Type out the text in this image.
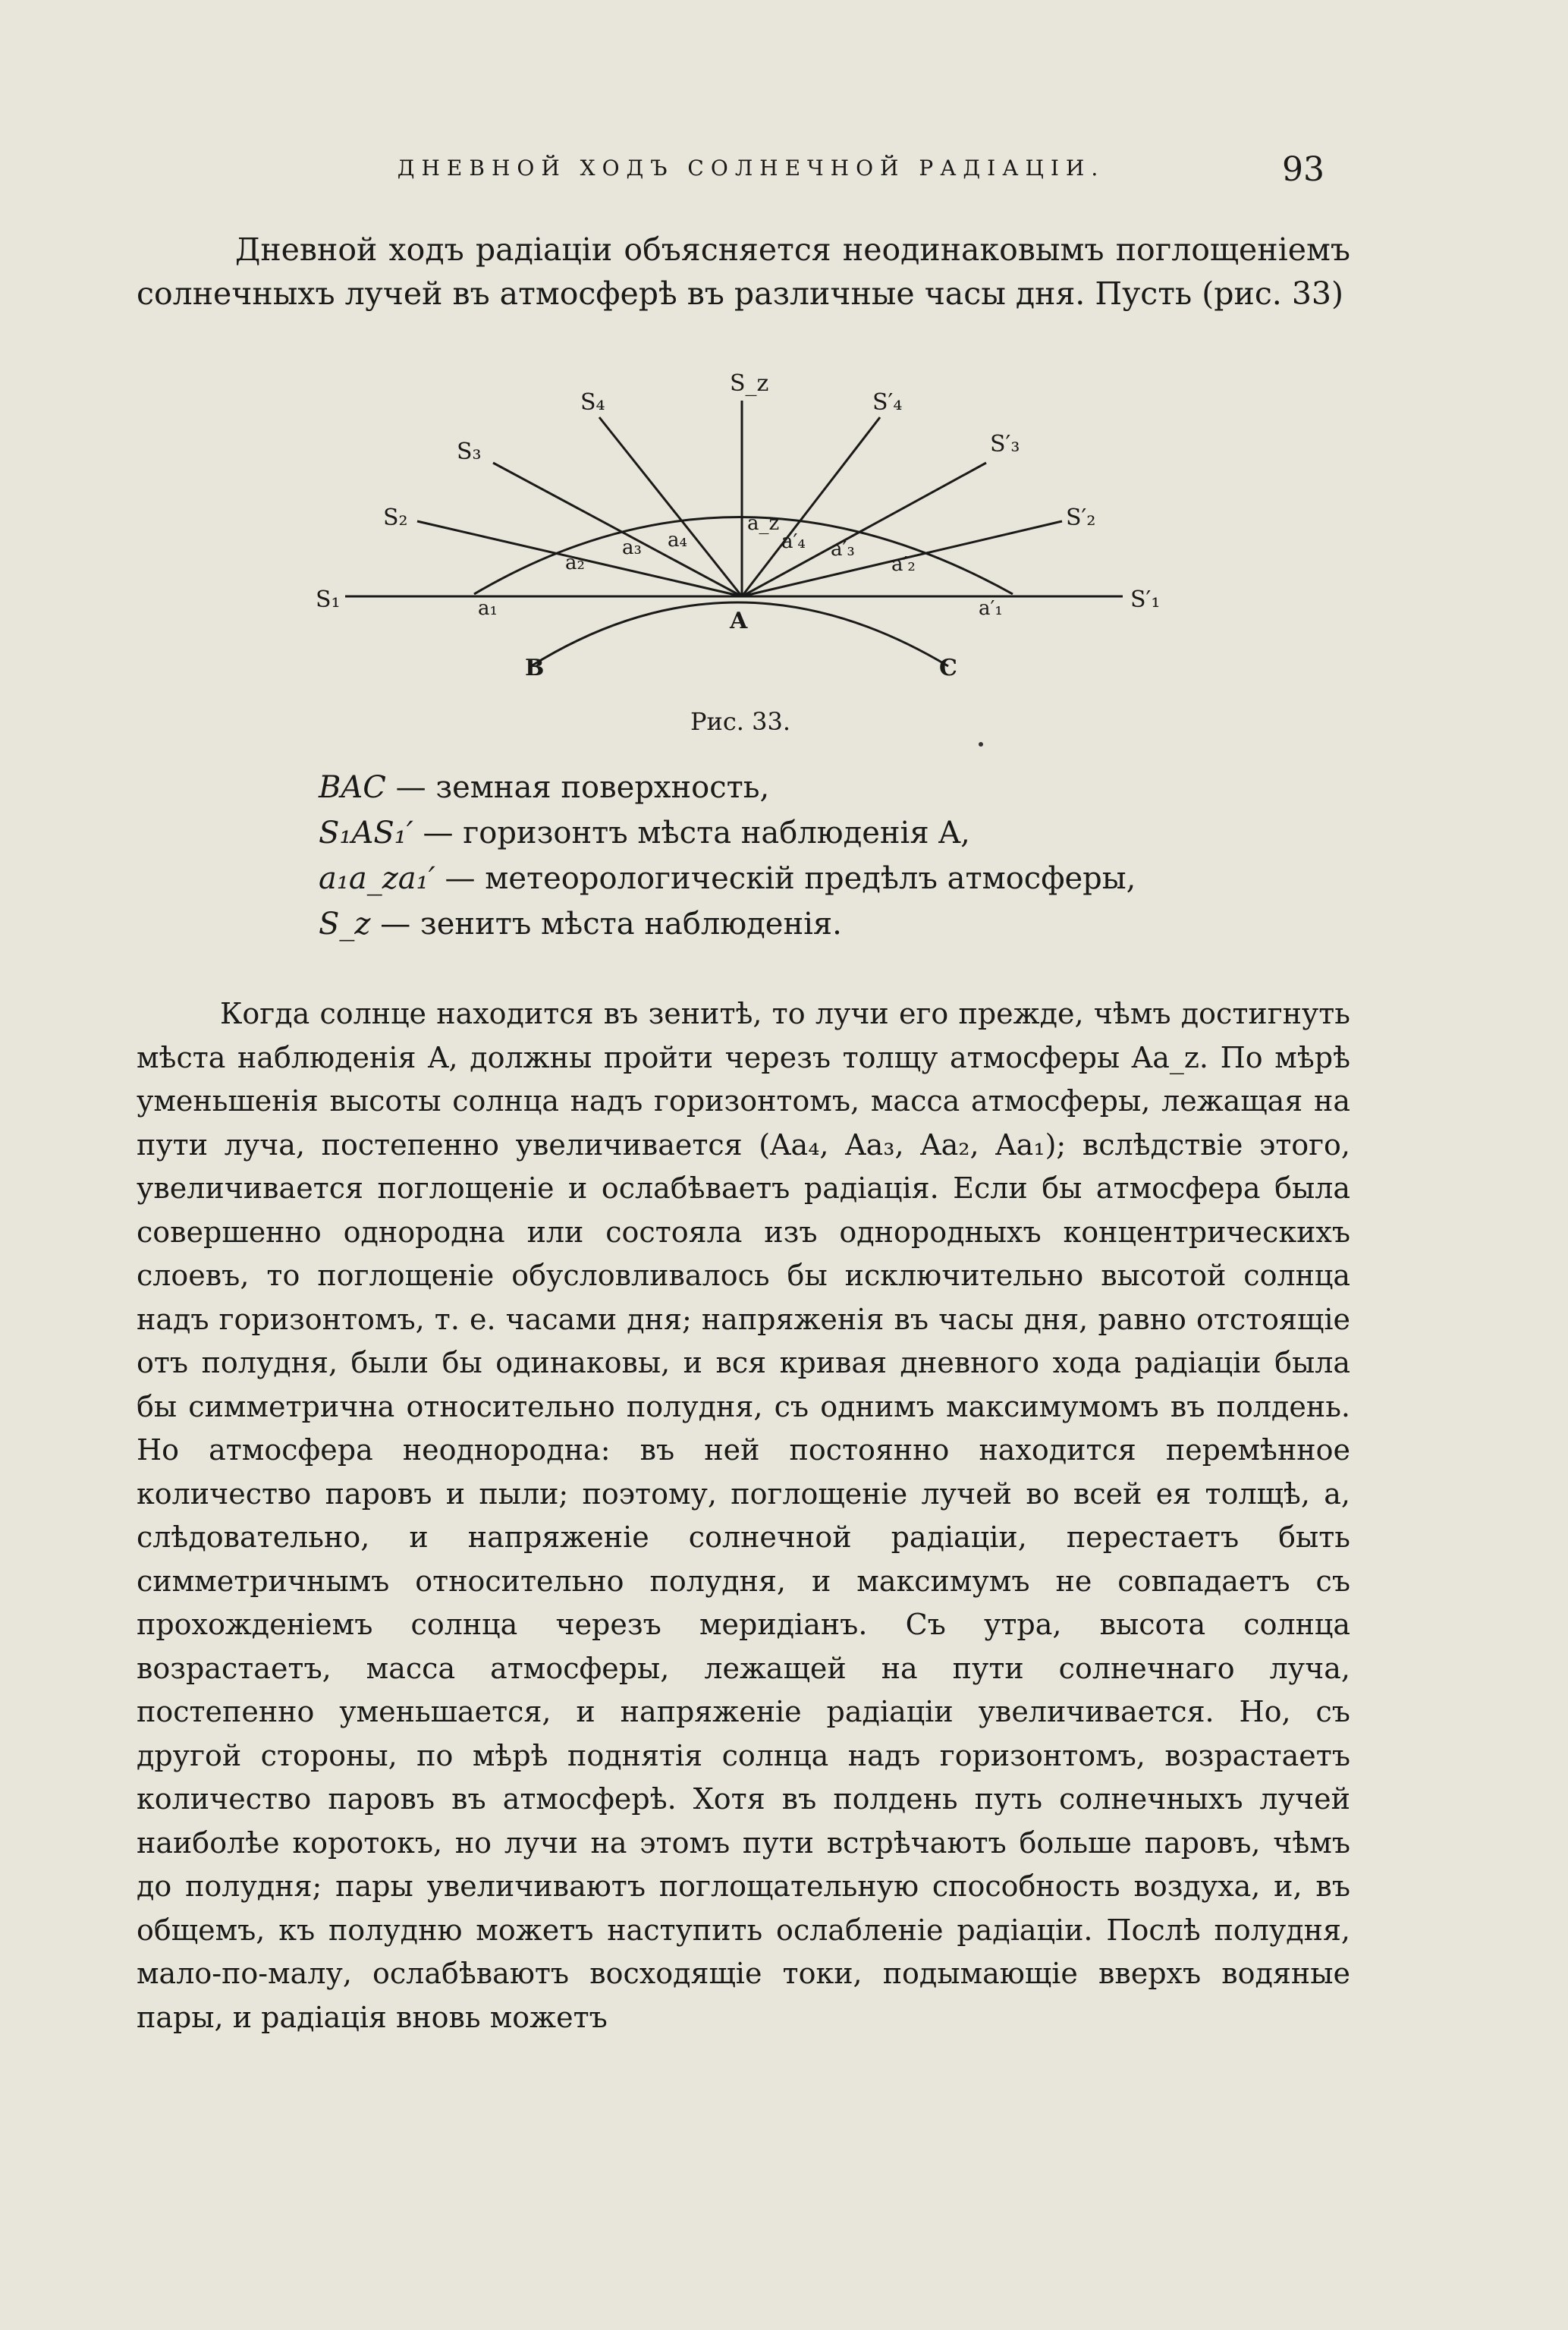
ДНЕВНОЙ ХОДЪ СОЛНЕЧНОЙ РАДІАЦІИ.	93

Дневной ходъ радіаціи объясняется неодинаковымъ поглощеніемъ солнечныхъ лучей въ атмосферѣ въ различные часы дня. Пусть (рис. 33)

S₁
S₂
S₃
S₄
S_z
S′₄
S′₃
S′₂
S′₁
a₁
a₂
a₃ a₄
a_z
a′₄ a′₃
a′₂
a′₁
A
B	C
Рис. 33.
BAC — земная поверхность,
S₁AS₁′ — горизонтъ мѣста наблюденія A,
a₁a_za₁′ — метеорологическій предѣлъ атмосферы,
S_z — зенитъ мѣста наблюденія.

Когда солнце находится въ зенитѣ, то лучи его прежде, чѣмъ достигнуть мѣста наблюденія A, должны пройти черезъ толщу атмосферы Aa_z. По мѣрѣ уменьшенія высоты солнца надъ горизонтомъ, масса атмосферы, лежащая на пути луча, постепенно увеличивается (Aa₄, Aa₃, Aa₂, Aa₁); вслѣдствіе этого, увеличивается поглощеніе и ослабѣваетъ радіація. Если бы атмосфера была совершенно однородна или состояла изъ однородныхъ концентрическихъ слоевъ, то поглощеніе обусловливалось бы исключительно высотой солнца надъ горизонтомъ, т. е. часами дня; напряженія въ часы дня, равно отстоящіе отъ полудня, были бы одинаковы, и вся кривая дневного хода радіаціи была бы симметрична относительно полудня, съ однимъ максимумомъ въ полдень. Но атмосфера неоднородна: въ ней постоянно находится перемѣнное количество паровъ и пыли; поэтому, поглощеніе лучей во всей ея толщѣ, а, слѣдовательно, и напряженіе солнечной радіаціи, перестаетъ быть симметричнымъ относительно полудня, и максимумъ не совпадаетъ съ прохожденіемъ солнца черезъ меридіанъ. Съ утра, высота солнца возрастаетъ, масса атмосферы, лежащей на пути солнечнаго луча, постепенно уменьшается, и напряженіе радіаціи увеличивается. Но, съ другой стороны, по мѣрѣ поднятія солнца надъ горизонтомъ, возрастаетъ количество паровъ въ атмосферѣ. Хотя въ полдень путь солнечныхъ лучей наиболѣе коротокъ, но лучи на этомъ пути встрѣчаютъ больше паровъ, чѣмъ до полудня; пары увеличиваютъ поглощательную способность воздуха, и, въ общемъ, къ полудню можетъ наступить ослабленіе радіаціи. Послѣ полудня, мало-по-малу, ослабѣваютъ восходящіе токи, подымающіе вверхъ водяные пары, и радіація вновь можетъ
